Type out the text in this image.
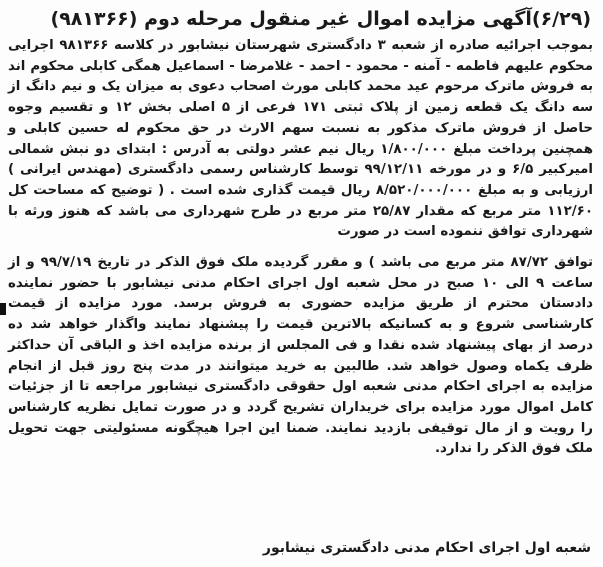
(۶/۲۹)آگهی مزایده اموال غیر منقول مرحله دوم (۹۸۱۳۶۶)

بموجب اجرائیه صادره از شعبه ۳ دادگستری شهرستان نیشابور در کلاسه ۹۸۱۳۶۶ اجرایی محکوم علیهم فاطمه - آمنه - محمود - احمد - غلامرضا - اسماعیل همگی کابلی محکوم اند به فروش ماترک مرحوم عید محمد کابلی مورث اصحاب دعوی به میزان یک و نیم دانگ از سه دانگ یک قطعه زمین از پلاک ثبتی ۱۷۱ فرعی از ۵ اصلی بخش ۱۲ و تقسیم وجوه حاصل از فروش ماترک مذکور به نسبت سهم الارث در حق محکوم له حسین کابلی و همچنین پرداخت مبلغ ۱/۸۰۰/۰۰۰ ریال نیم عشر دولتی به آدرس : ابتدای دو نبش شمالی امیرکبیر ۶/۵ و در مورخه ۹۹/۱۲/۱۱ توسط کارشناس رسمی دادگستری (مهندس ایرانی ) ارزیابی و به مبلغ ۸/۵۲۰/۰۰۰/۰۰۰ ریال قیمت گذاری شده است . ( توضیح که مساحت کل ۱۱۲/۶۰ متر مربع که مقدار ۲۵/۸۷ متر مربع در طرح شهرداری می باشد که هنوز ورثه با شهرداری توافق ننموده است در صورت

توافق ۸۷/۷۲ متر مربع می باشد ) و مقرر گردیده ملک فوق الذکر در تاریخ ۹۹/۷/۱۹ و از ساعت ۹ الی ۱۰ صبح در محل شعبه اول اجرای احکام مدنی نیشابور با حضور نماینده دادستان محترم از طریق مزایده حضوری به فروش برسد. مورد مزایده از قیمت کارشناسی شروع و به کسانیکه بالاترین قیمت را پیشنهاد نمایند واگذار خواهد شد ده درصد از بهای پیشنهاد شده نقدا و فی المجلس از برنده مزایده اخذ و الباقی آن حداکثر ظرف یکماه وصول خواهد شد. طالبین به خرید میتوانند در مدت پنج روز قبل از انجام مزایده به اجرای احکام مدنی شعبه اول حقوقی دادگستری نیشابور مراجعه تا از جزئیات کامل اموال مورد مزایده برای خریداران تشریح گردد و در صورت تمایل نظریه کارشناس را رویت و از مال توقیفی بازدید نمایند. ضمنا این اجرا هیچگونه مسئولیتی جهت تحویل ملک فوق الذکر را ندارد.

شعبه اول اجرای احکام مدنی دادگستری نیشابور
